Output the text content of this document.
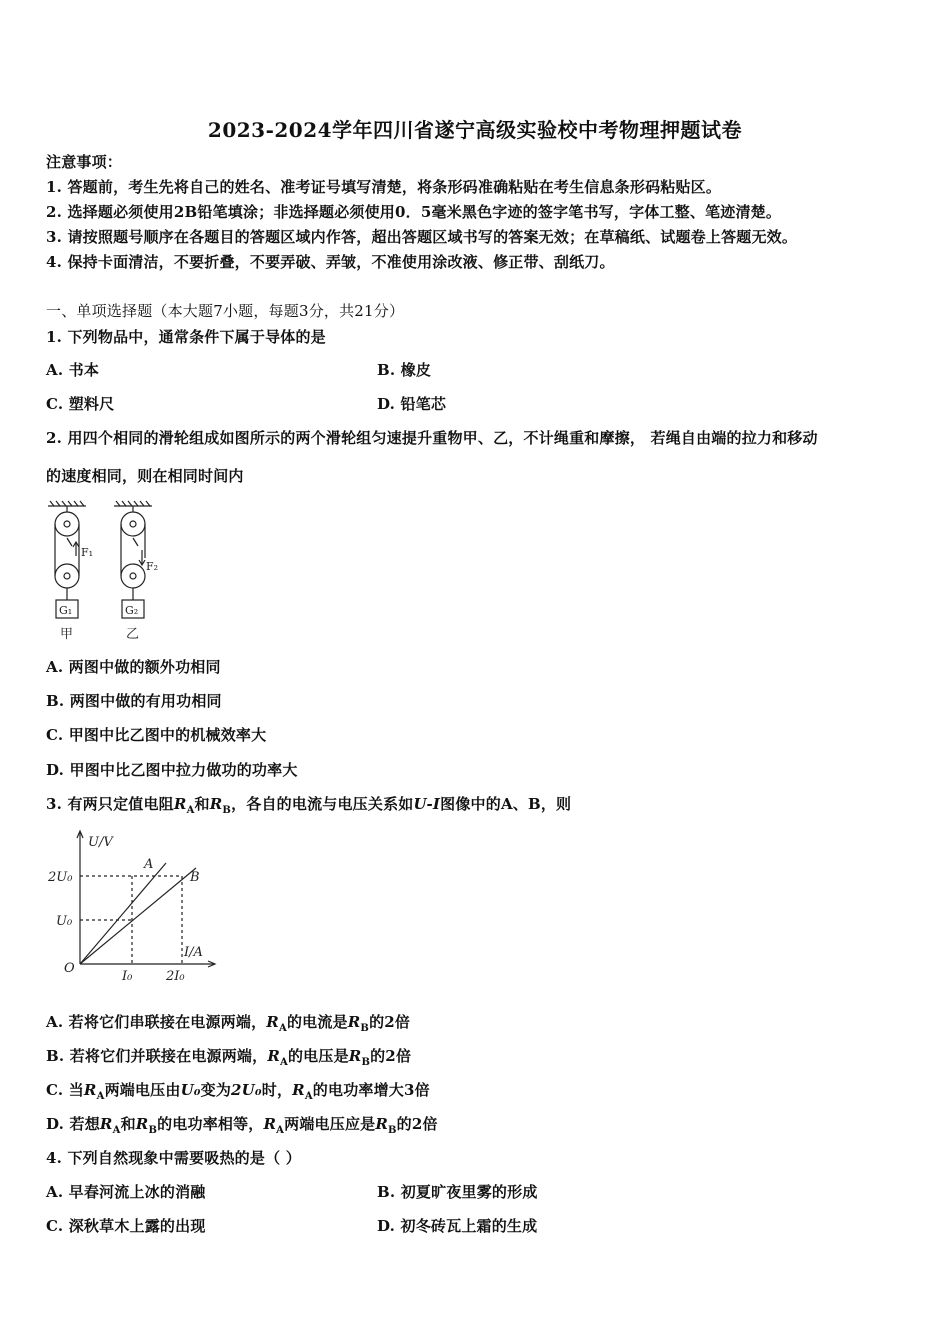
2023-2024学年四川省遂宁高级实验校中考物理押题试卷
注意事项：
1. 答题前，考生先将自己的姓名、准考证号填写清楚，将条形码准确粘贴在考生信息条形码粘贴区。
2. 选择题必须使用2B铅笔填涂；非选择题必须使用0．5毫米黑色字迹的签字笔书写，字体工整、笔迹清楚。
3. 请按照题号顺序在各题目的答题区域内作答，超出答题区域书写的答案无效；在草稿纸、试题卷上答题无效。
4. 保持卡面清洁，不要折叠，不要弄破、弄皱，不准使用涂改液、修正带、刮纸刀。
一、单项选择题（本大题7小题，每题3分，共21分）
1. 下列物品中，通常条件下属于导体的是
A. 书本	B. 橡皮
C. 塑料尺	D. 铅笔芯
2. 用四个相同的滑轮组成如图所示的两个滑轮组匀速提升重物甲、乙，不计绳重和摩擦， 若绳自由端的拉力和移动
的速度相同，则在相同时间内
F₁
F₂
G₁	G₂
甲	乙
A. 两图中做的额外功相同
B. 两图中做的有用功相同
C. 甲图中比乙图中的机械效率大
D. 甲图中比乙图中拉力做功的功率大
3. 有两只定值电阻$R_A$和$R_B$，各自的电流与电压关系如U-I图像中的A、B，则
U/V
I/A
O
U₀
2U₀
I₀	2I₀
A
B
A. 若将它们串联接在电源两端，$R_A$的电流是$R_B$的2倍
B. 若将它们并联接在电源两端，$R_A$的电压是$R_B$的2倍
C. 当$R_A$两端电压由U₀变为2U₀时，$R_A$的电功率增大3倍
D. 若想$R_A$和$R_B$的电功率相等，$R_A$两端电压应是$R_B$的2倍
4. 下列自然现象中需要吸热的是（ ）
A. 早春河流上冰的消融	B. 初夏旷夜里雾的形成
C. 深秋草木上露的出现	D. 初冬砖瓦上霜的生成
